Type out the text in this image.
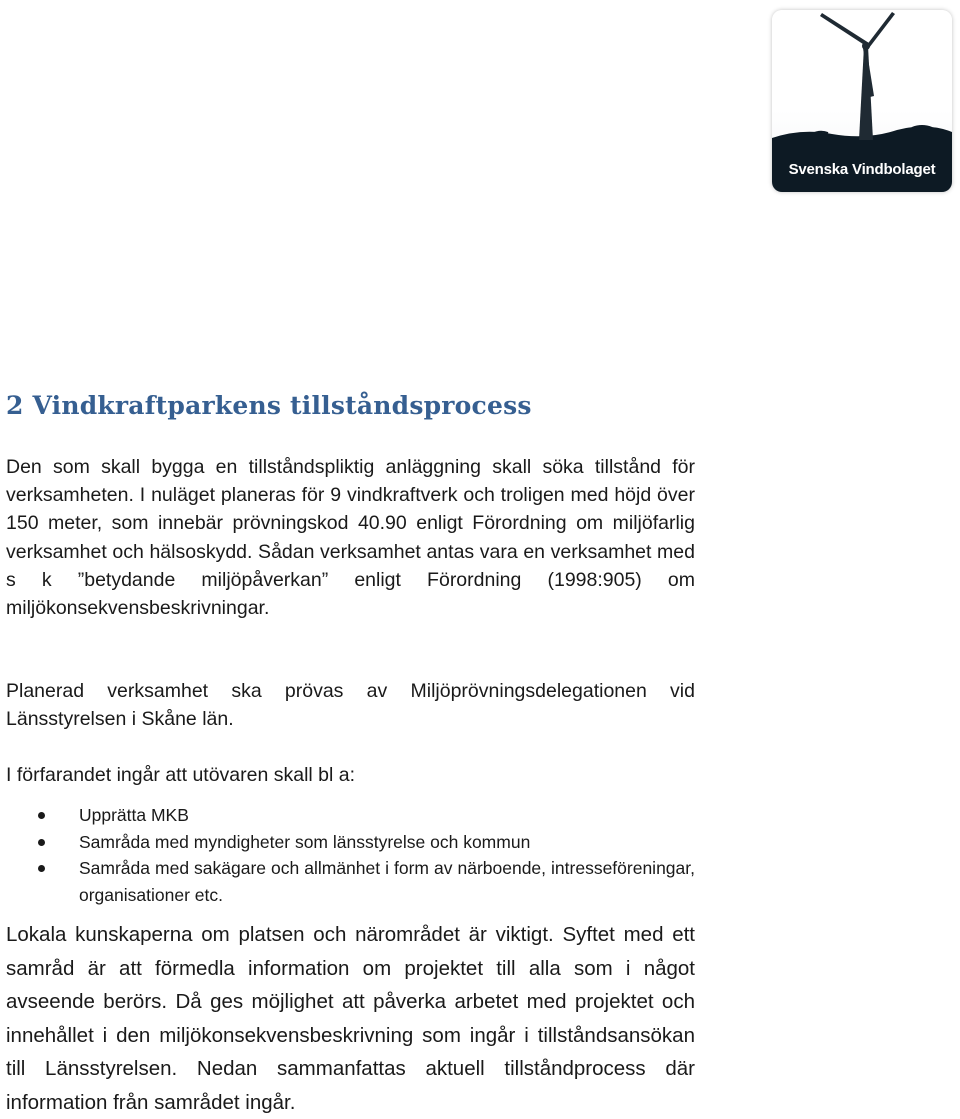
Svenska Vindbolaget
2 Vindkraftparkens tillståndsprocess

Den som skall bygga en tillståndspliktig anläggning skall söka tillstånd för verksamheten. I nuläget planeras för 9 vindkraftverk och troligen med höjd över 150 meter, som innebär prövningskod 40.90 enligt Förordning om miljöfarlig verksamhet och hälsoskydd. Sådan verksamhet antas vara en verksamhet med s k ”betydande miljöpåverkan” enligt Förordning (1998:905) om miljökonsekvensbeskrivningar.

Planerad verksamhet ska prövas av Miljöprövningsdelegationen vid Länsstyrelsen i Skåne län.

I förfarandet ingår att utövaren skall bl a:

Upprätta MKB
Samråda med myndigheter som länsstyrelse och kommun
Samråda med sakägare och allmänhet i form av närboende, intresseföreningar, organisationer etc.

Lokala kunskaperna om platsen och närområdet är viktigt. Syftet med ett samråd är att förmedla information om projektet till alla som i något avseende berörs. Då ges möjlighet att påverka arbetet med projektet och innehållet i den miljökonsekvensbeskrivning som ingår i tillståndsansökan till Länsstyrelsen. Nedan sammanfattas aktuell tillståndprocess där information från samrådet ingår.
